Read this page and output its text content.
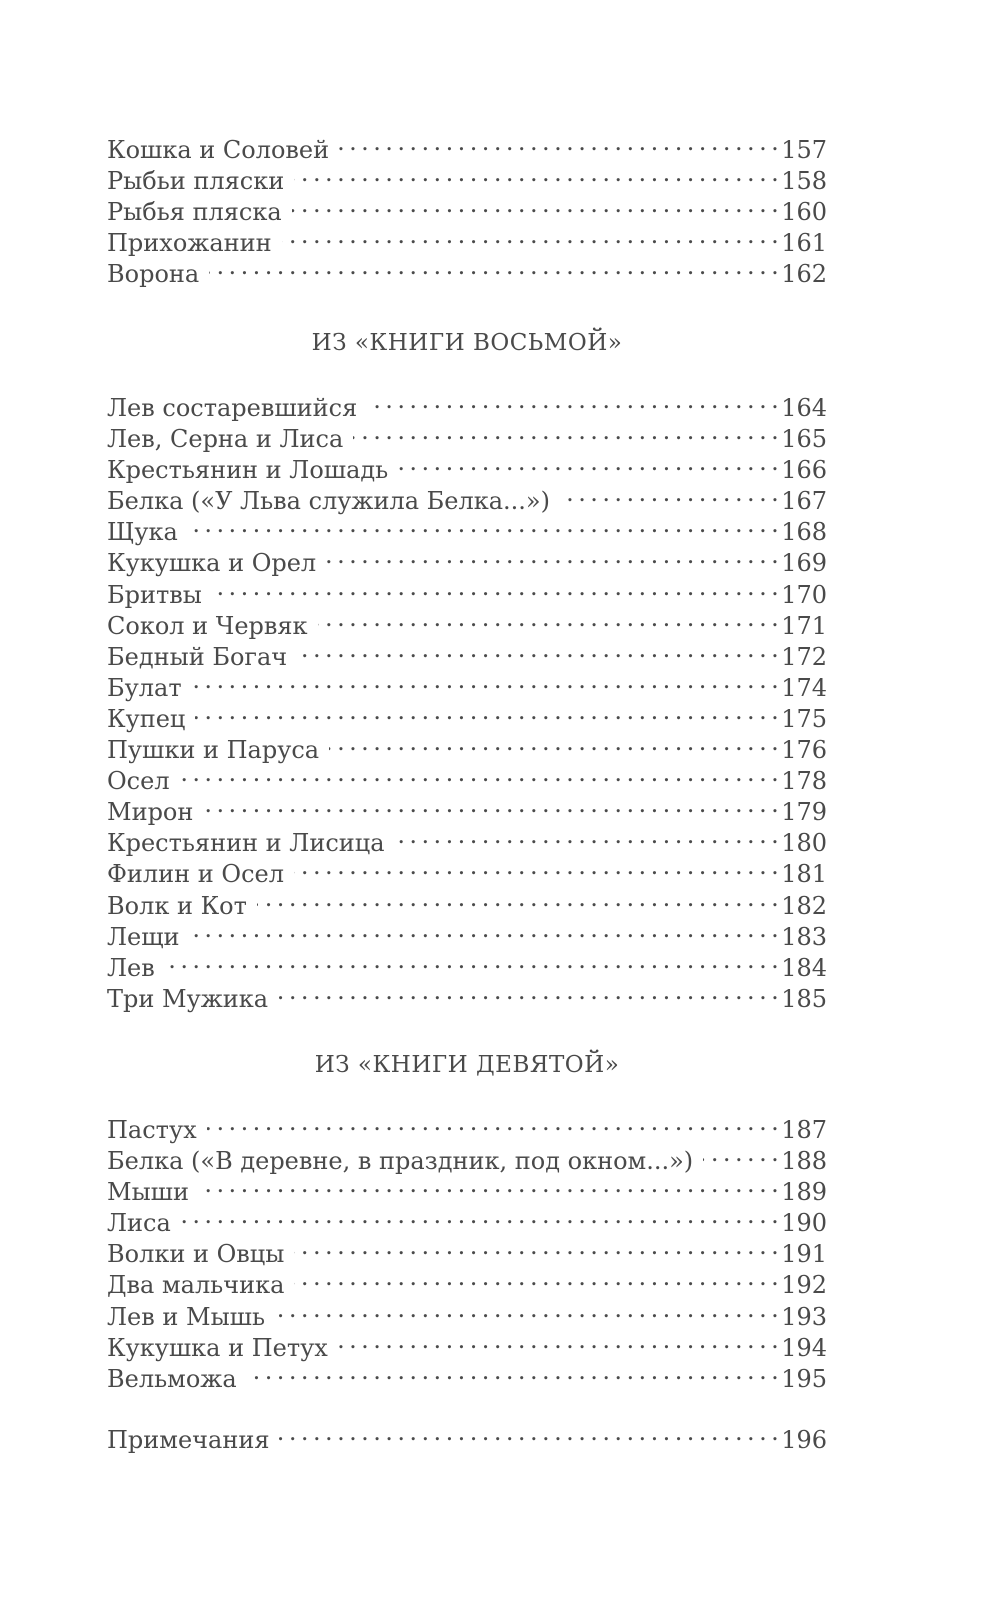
Кошка и Соловей . . .	157
Рыбьи пляски . . .	158
Рыбья пляска . . .	160
Прихожанин . . .	161
Ворона . . .	162
ИЗ «КНИГИ ВОСЬМОЙ»
Лев состаревшийся . . .	164
Лев, Серна и Лиса . . .	165
Крестьянин и Лошадь . . .	166
Белка («У Льва служила Белка...») . . .	167
Щука . . .	168
Кукушка и Орел . . .	169
Бритвы . . .	170
Сокол и Червяк . . .	171
Бедный Богач . . .	172
Булат . . .	174
Купец . . .	175
Пушки и Паруса . . .	176
Осел . . .	178
Мирон . . .	179
Крестьянин и Лисица . . .	180
Филин и Осел . . .	181
Волк и Кот . . .	182
Лещи . . .	183
Лев . . .	184
Три Мужика . . .	185
ИЗ «КНИГИ ДЕВЯТОЙ»
Пастух . . .	187
Белка («В деревне, в праздник, под окном...») . . .	188
Мыши . . .	189
Лиса . . .	190
Волки и Овцы . . .	191
Два мальчика . . .	192
Лев и Мышь . . .	193
Кукушка и Петух . . .	194
Вельможа . . .	195
Примечания . . .	196
